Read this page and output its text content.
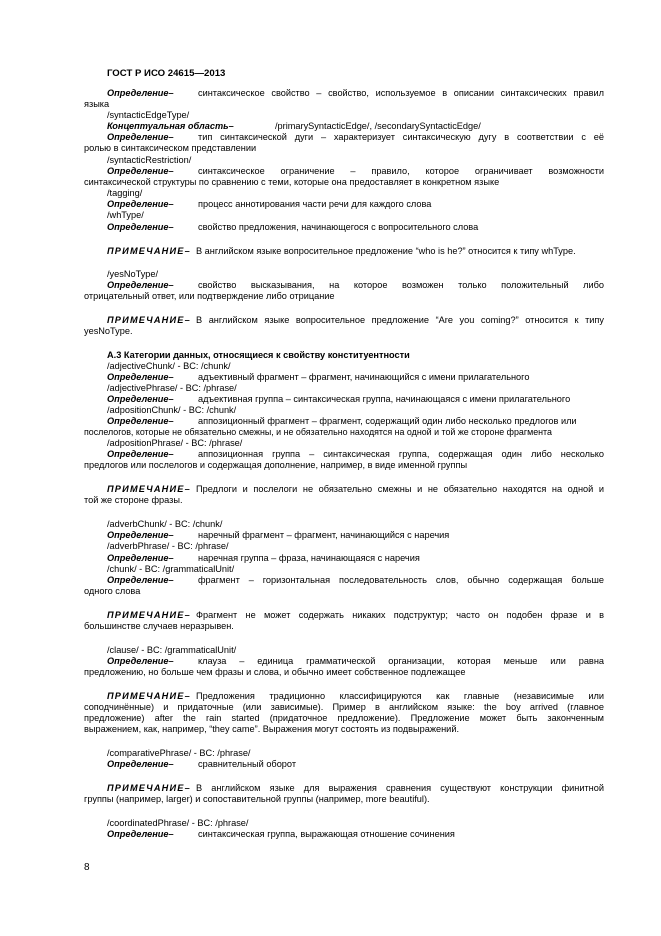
ГОСТ Р ИСО 24615—2013
Определение–	синтаксическое свойство – свойство, используемое в описании синтаксических правил
языка
/syntacticEdgeType/
Концептуальная область–	/primarySyntacticEdge/, /secondarySyntacticEdge/
Определение–	тип синтаксической дуги – характеризует синтаксическую дугу в соответствии с её
ролью в синтаксическом представлении
/syntacticRestriction/
Определение–	синтаксическое ограничение – правило, которое ограничивает возможности
синтаксической структуры по сравнению с теми, которые она предоставляет в конкретном языке
/tagging/
Определение–	процесс аннотирования части речи для каждого слова
/whType/
Определение–	свойство предложения, начинающегося с вопросительного слова
ПРИМЕЧАНИЕ– В английском языке вопросительное предложение “who is he?” относится к типу whType.
/yesNoType/
Определение–	свойство высказывания, на которое возможен только положительный либо
отрицательный ответ, или подтверждение либо отрицание
ПРИМЕЧАНИЕ– В английском языке вопросительное предложение “Are you coming?” относится к типу
yesNoType.
А.3 Категории данных, относящиеся к свойству конституентности
/adjectiveChunk/ - BC: /chunk/
Определение–	адъективный фрагмент – фрагмент, начинающийся с имени прилагательного
/adjectivePhrase/ - BC: /phrase/
Определение–	адъективная группа – синтаксическая группа, начинающаяся с имени прилагательного
/adpositionChunk/ - BC: /chunk/
Определение–	аппозиционный фрагмент – фрагмент, содержащий один либо несколько предлогов или
послелогов, которые не обязательно смежны, и не обязательно находятся на одной и той же стороне фрагмента
/adpositionPhrase/ - BC: /phrase/
Определение–	аппозиционная группа – синтаксическая группа, содержащая один либо несколько
предлогов или послелогов и содержащая дополнение, например, в виде именной группы
ПРИМЕЧАНИЕ– Предлоги и послелоги не обязательно смежны и не обязательно находятся на одной и
той же стороне фразы.
/adverbChunk/ - BC: /chunk/
Определение–	наречный фрагмент – фрагмент, начинающийся с наречия
/adverbPhrase/ - BC: /phrase/
Определение–	наречная группа – фраза, начинающаяся с наречия
/chunk/ - BC: /grammaticalUnit/
Определение–	фрагмент – горизонтальная последовательность слов, обычно содержащая больше
одного слова
ПРИМЕЧАНИЕ– Фрагмент не может содержать никаких подструктур; часто он подобен фразе и в
большинстве случаев неразрывен.
/clause/ - BC: /grammaticalUnit/
Определение–	клауза – единица грамматической организации, которая меньше или равна
предложению, но больше чем фразы и слова, и обычно имеет собственное подлежащее
ПРИМЕЧАНИЕ– Предложения традиционно классифицируются как главные (независимые или
соподчинённые) и придаточные (или зависимые). Пример в английском языке: the boy arrived (главное
предложение) after the rain started (придаточное предложение). Предложение может быть законченным
выражением, как, например, “they came”. Выражения могут состоять из подвыражений.
/comparativePhrase/ - BC: /phrase/
Определение–	сравнительный оборот
ПРИМЕЧАНИЕ– В английском языке для выражения сравнения существуют конструкции финитной
группы (например, larger) и сопоставительной группы (например, more beautiful).
/coordinatedPhrase/ - BC: /phrase/
Определение–	синтаксическая группа, выражающая отношение сочинения
8
